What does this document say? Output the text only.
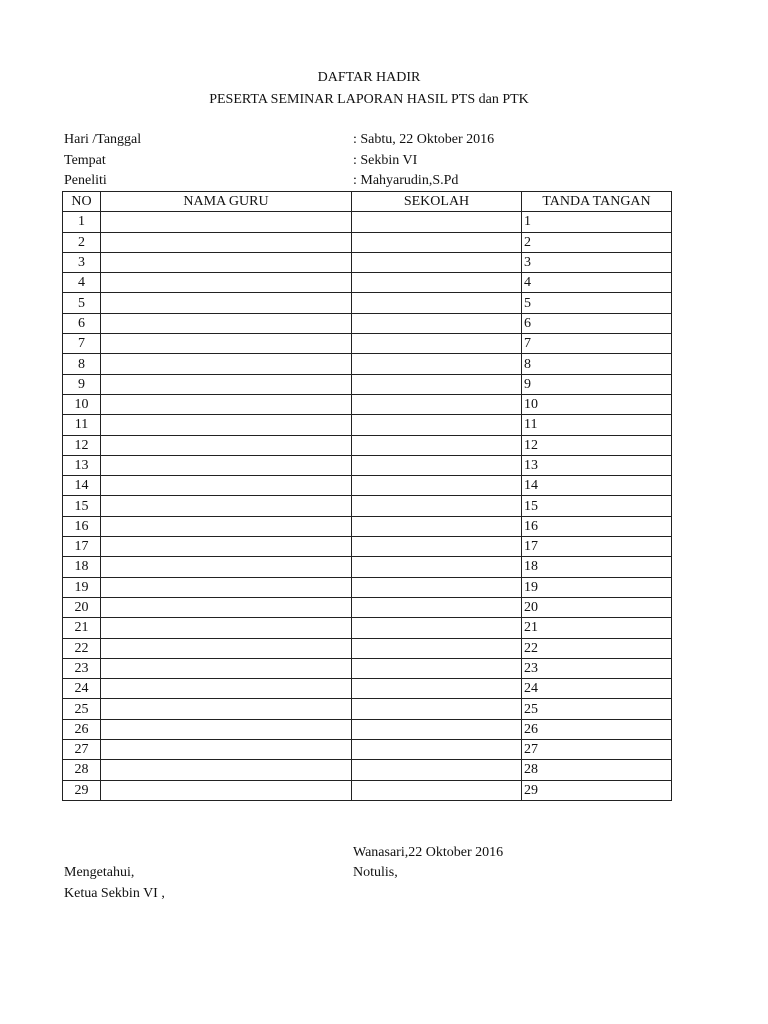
DAFTAR HADIR
PESERTA SEMINAR LAPORAN HASIL PTS dan PTK
Hari /Tanggal	: Sabtu, 22 Oktober 2016
Tempat	: Sekbin VI
Peneliti	: Mahyarudin,S.Pd
NO	NAMA GURU	SEKOLAH	TANDA TANGAN
1			1
2			2
3			3
4			4
5			5
6			6
7			7
8			8
9			9
10			10
11			11
12			12
13			13
14			14
15			15
16			16
17			17
18			18
19			19
20			20
21			21
22			22
23			23
24			24
25			25
26			26
27			27
28			28
29			29
Wanasari,22 Oktober 2016
Mengetahui,	Notulis,
Ketua Sekbin VI ,
